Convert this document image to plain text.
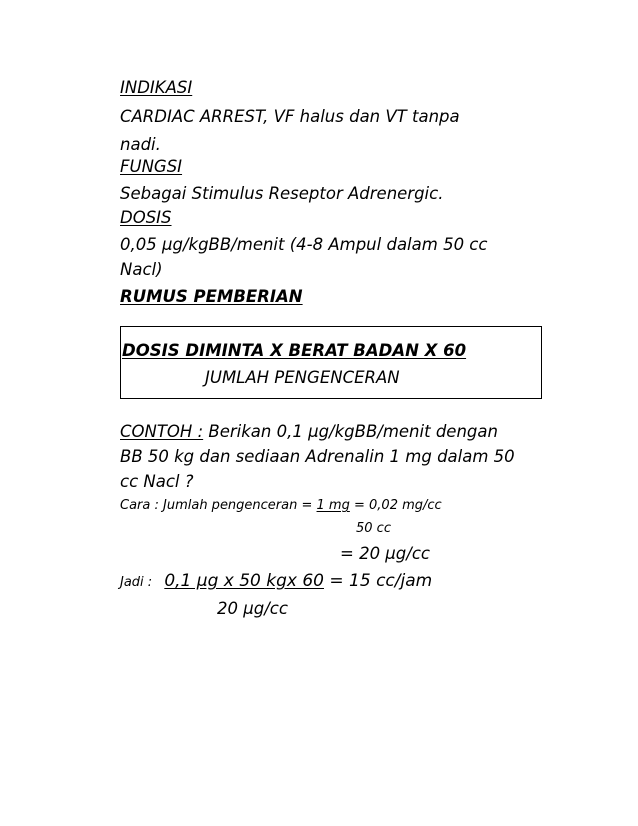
INDIKASI

CARDIAC ARREST, VF halus dan VT tanpa

nadi.

FUNGSI

Sebagai Stimulus Reseptor Adrenergic.

DOSIS

0,05 µg/kgBB/menit (4-8 Ampul dalam 50 cc

Nacl)

RUMUS PEMBERIAN

DOSIS DIMINTA X BERAT BADAN X 60

JUMLAH PENGENCERAN

CONTOH : Berikan 0,1 µg/kgBB/menit dengan

BB 50 kg dan sediaan Adrenalin 1 mg dalam 50

cc Nacl ?

Cara : Jumlah pengenceran = 1 mg = 0,02 mg/cc

50 cc

= 20 µg/cc

Jadi : 0,1 µg x 50 kgx 60 = 15 cc/jam

20 µg/cc
